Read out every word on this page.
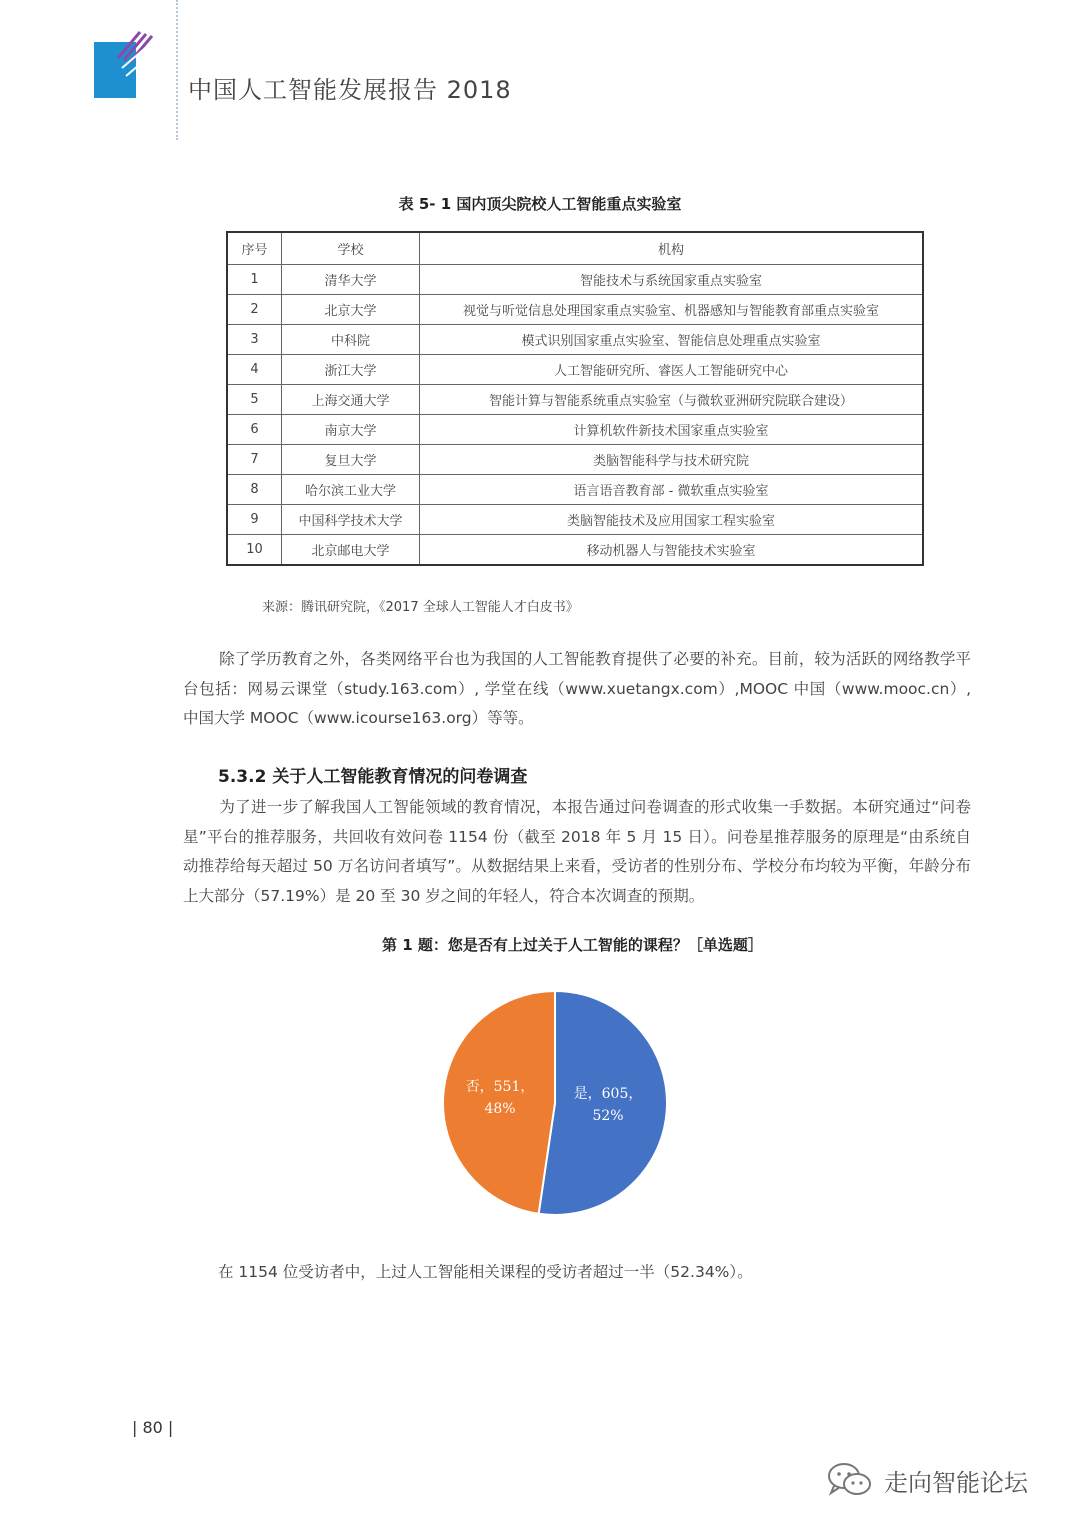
中国人工智能发展报告 2018
表 5- 1 国内顶尖院校人工智能重点实验室
序号	学校	机构
1	清华大学	智能技术与系统国家重点实验室
2	北京大学	视觉与听觉信息处理国家重点实验室、机器感知与智能教育部重点实验室
3	中科院	模式识别国家重点实验室、智能信息处理重点实验室
4	浙江大学	人工智能研究所、睿医人工智能研究中心
5	上海交通大学	智能计算与智能系统重点实验室（与微软亚洲研究院联合建设）
6	南京大学	计算机软件新技术国家重点实验室
7	复旦大学	类脑智能科学与技术研究院
8	哈尔滨工业大学	语言语音教育部 - 微软重点实验室
9	中国科学技术大学	类脑智能技术及应用国家工程实验室
10	北京邮电大学	移动机器人与智能技术实验室
来源：腾讯研究院，《2017 全球人工智能人才白皮书》

除了学历教育之外，各类网络平台也为我国的人工智能教育提供了必要的补充。目前，较为活跃的网络教学平台包括：网易云课堂（study.163.com）, 学堂在线（www.xuetangx.com）,MOOC 中国（www.mooc.cn）, 中国大学 MOOC（www.icourse163.org）等等。

5.3.2 关于人工智能教育情况的问卷调查

为了进一步了解我国人工智能领域的教育情况，本报告通过问卷调查的形式收集一手数据。本研究通过“问卷星”平台的推荐服务，共回收有效问卷 1154 份（截至 2018 年 5 月 15 日）。问卷星推荐服务的原理是“由系统自动推荐给每天超过 50 万名访问者填写”。从数据结果上来看，受访者的性别分布、学校分布均较为平衡，年龄分布上大部分（57.19%）是 20 至 30 岁之间的年轻人，符合本次调查的预期。

第 1 题：您是否有上过关于人工智能的课程？［单选题］
是，605，
52%
否，551，
48%
在 1154 位受访者中，上过人工智能相关课程的受访者超过一半（52.34%）。
| 80 |
走向智能论坛
